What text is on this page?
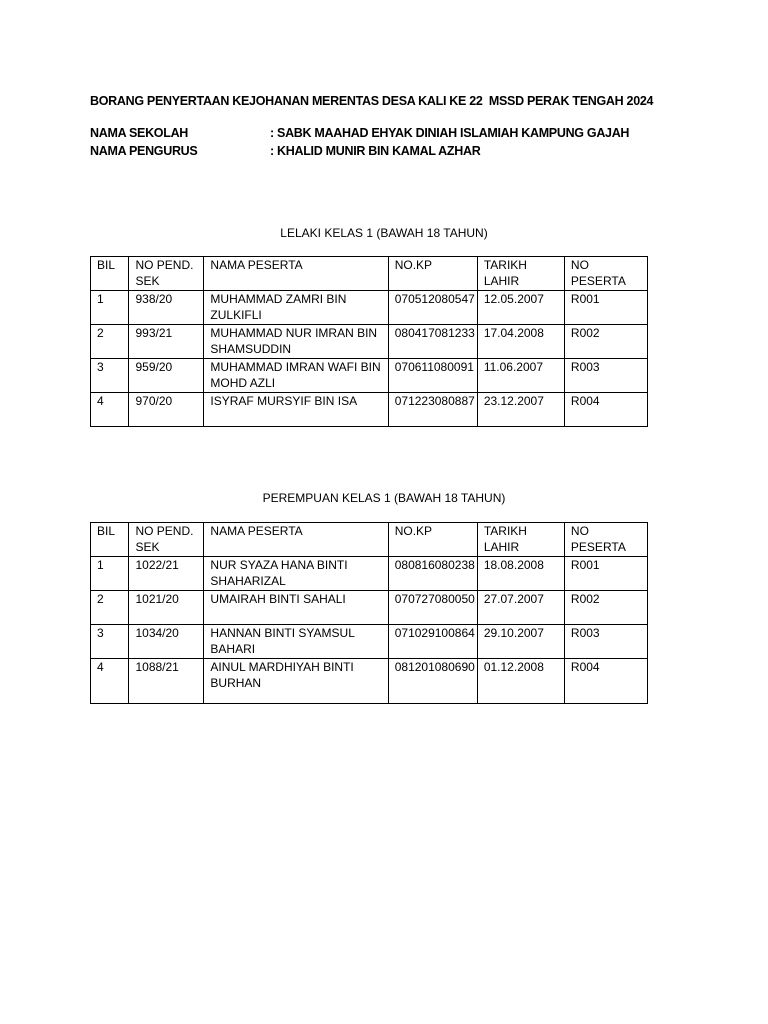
BORANG PENYERTAAN KEJOHANAN MERENTAS DESA KALI KE 22  MSSD PERAK TENGAH 2024
NAMA SEKOLAH	: SABK MAAHAD EHYAK DINIAH ISLAMIAH KAMPUNG GAJAH
NAMA PENGURUS	: KHALID MUNIR BIN KAMAL AZHAR
LELAKI KELAS 1 (BAWAH 18 TAHUN)
BIL	NO PEND. SEK	NAMA PESERTA	NO.KP	TARIKH LAHIR	NO PESERTA
1	938/20	MUHAMMAD ZAMRI BIN ZULKIFLI	070512080547	12.05.2007	R001
2	993/21	MUHAMMAD NUR IMRAN BIN SHAMSUDDIN	080417081233	17.04.2008	R002
3	959/20	MUHAMMAD IMRAN WAFI BIN MOHD AZLI	070611080091	11.06.2007	R003
4	970/20	ISYRAF MURSYIF BIN ISA	071223080887	23.12.2007	R004
PEREMPUAN KELAS 1 (BAWAH 18 TAHUN)
BIL	NO PEND. SEK	NAMA PESERTA	NO.KP	TARIKH LAHIR	NO PESERTA
1	1022/21	NUR SYAZA HANA BINTI SHAHARIZAL	080816080238	18.08.2008	R001
2	1021/20	UMAIRAH BINTI SAHALI	070727080050	27.07.2007	R002
3	1034/20	HANNAN BINTI SYAMSUL BAHARI	071029100864	29.10.2007	R003
4	1088/21	AINUL MARDHIYAH BINTI BURHAN	081201080690	01.12.2008	R004
